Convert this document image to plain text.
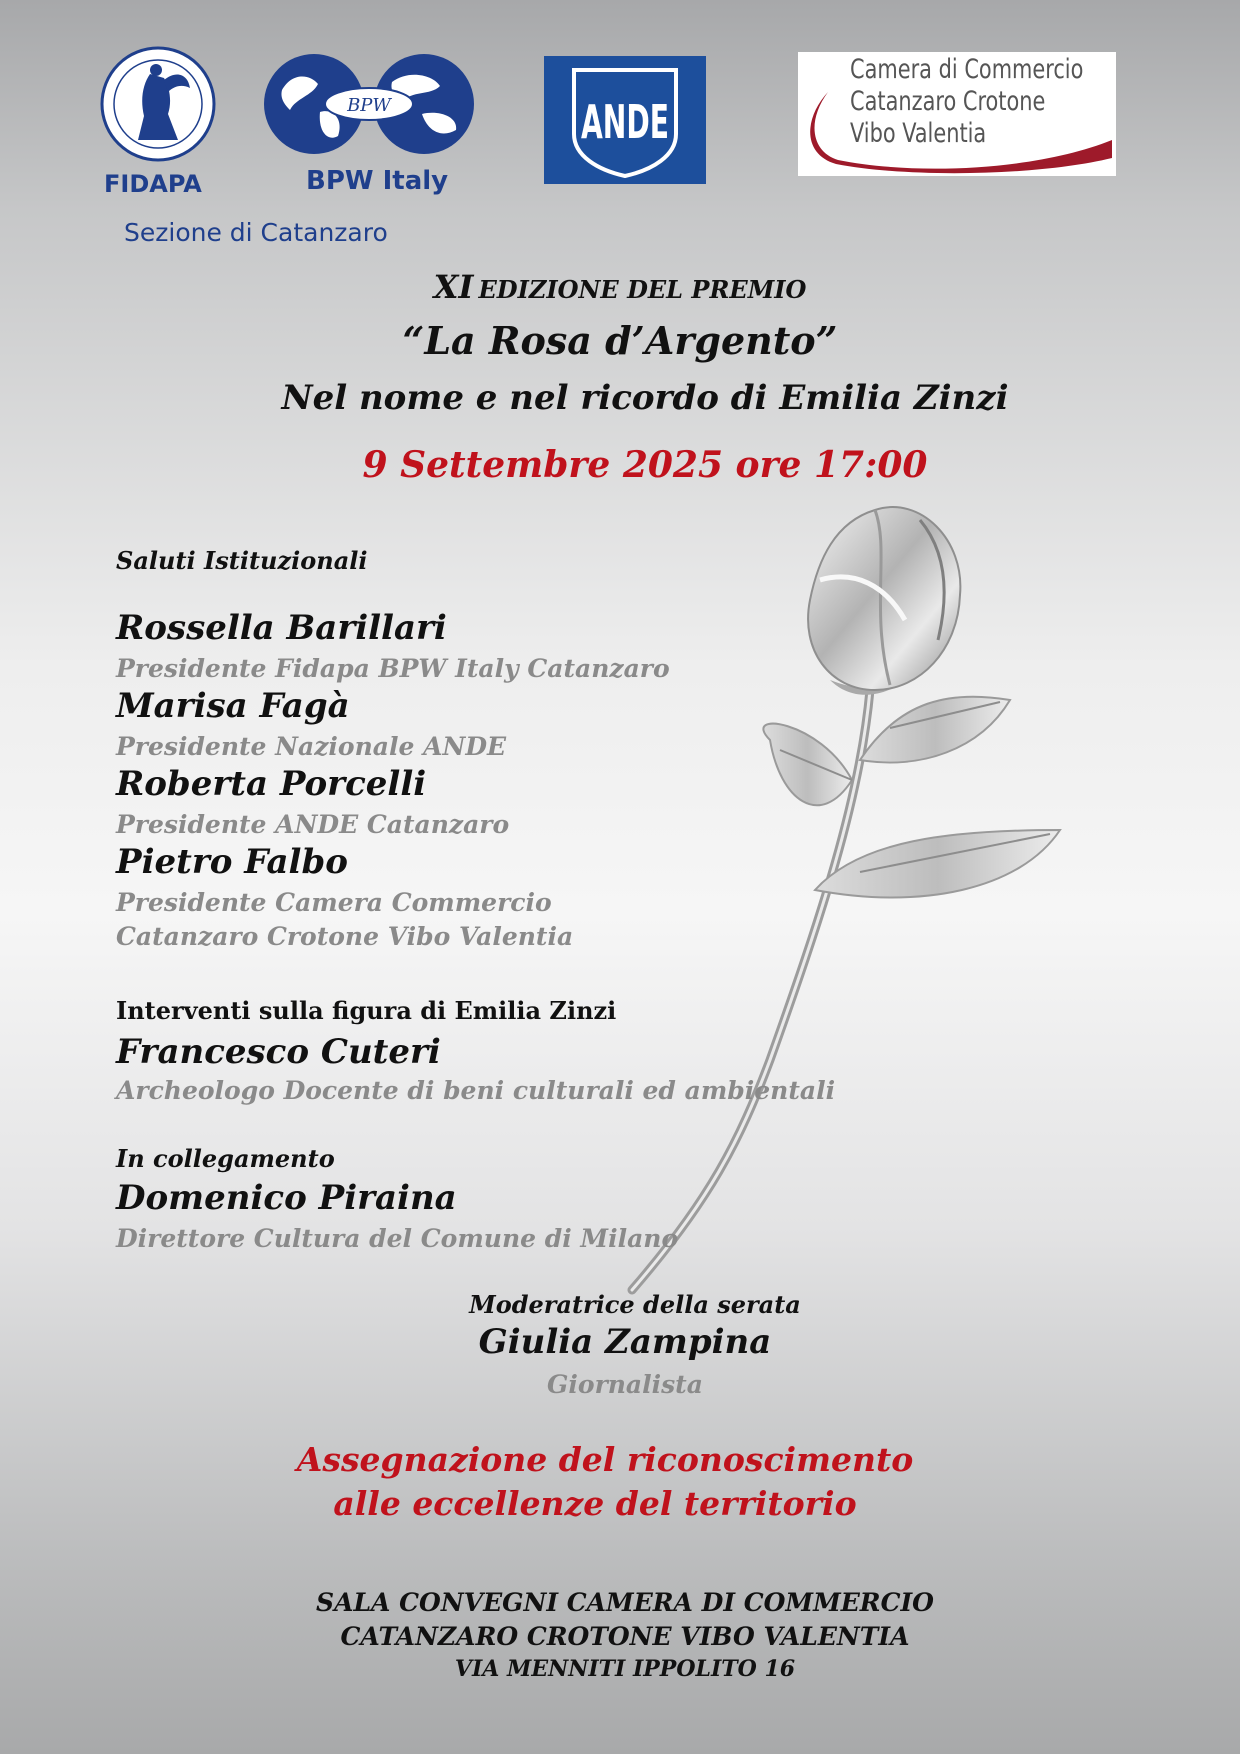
FIDAPA
BPW
BPW Italy
ANDE
Camera di Commercio
Catanzaro Crotone
Vibo Valentia
Sezione di Catanzaro
XI EDIZIONE DEL PREMIO
“La Rosa d’Argento”
Nel nome e nel ricordo di Emilia Zinzi
9 Settembre 2025 ore 17:00
Saluti Istituzionali
Rossella Barillari
Presidente Fidapa BPW Italy Catanzaro
Marisa Fagà
Presidente Nazionale ANDE
Roberta Porcelli
Presidente ANDE Catanzaro
Pietro Falbo
Presidente Camera Commercio
Catanzaro Crotone Vibo Valentia
Interventi sulla figura di Emilia Zinzi
Francesco Cuteri
Archeologo Docente di beni culturali ed ambientali
In collegamento
Domenico Piraina
Direttore Cultura del Comune di Milano
Moderatrice della serata
Giulia Zampina
Giornalista
Assegnazione del riconoscimento
alle eccellenze del territorio
SALA CONVEGNI CAMERA DI COMMERCIO
CATANZARO CROTONE VIBO VALENTIA
VIA MENNITI IPPOLITO 16
